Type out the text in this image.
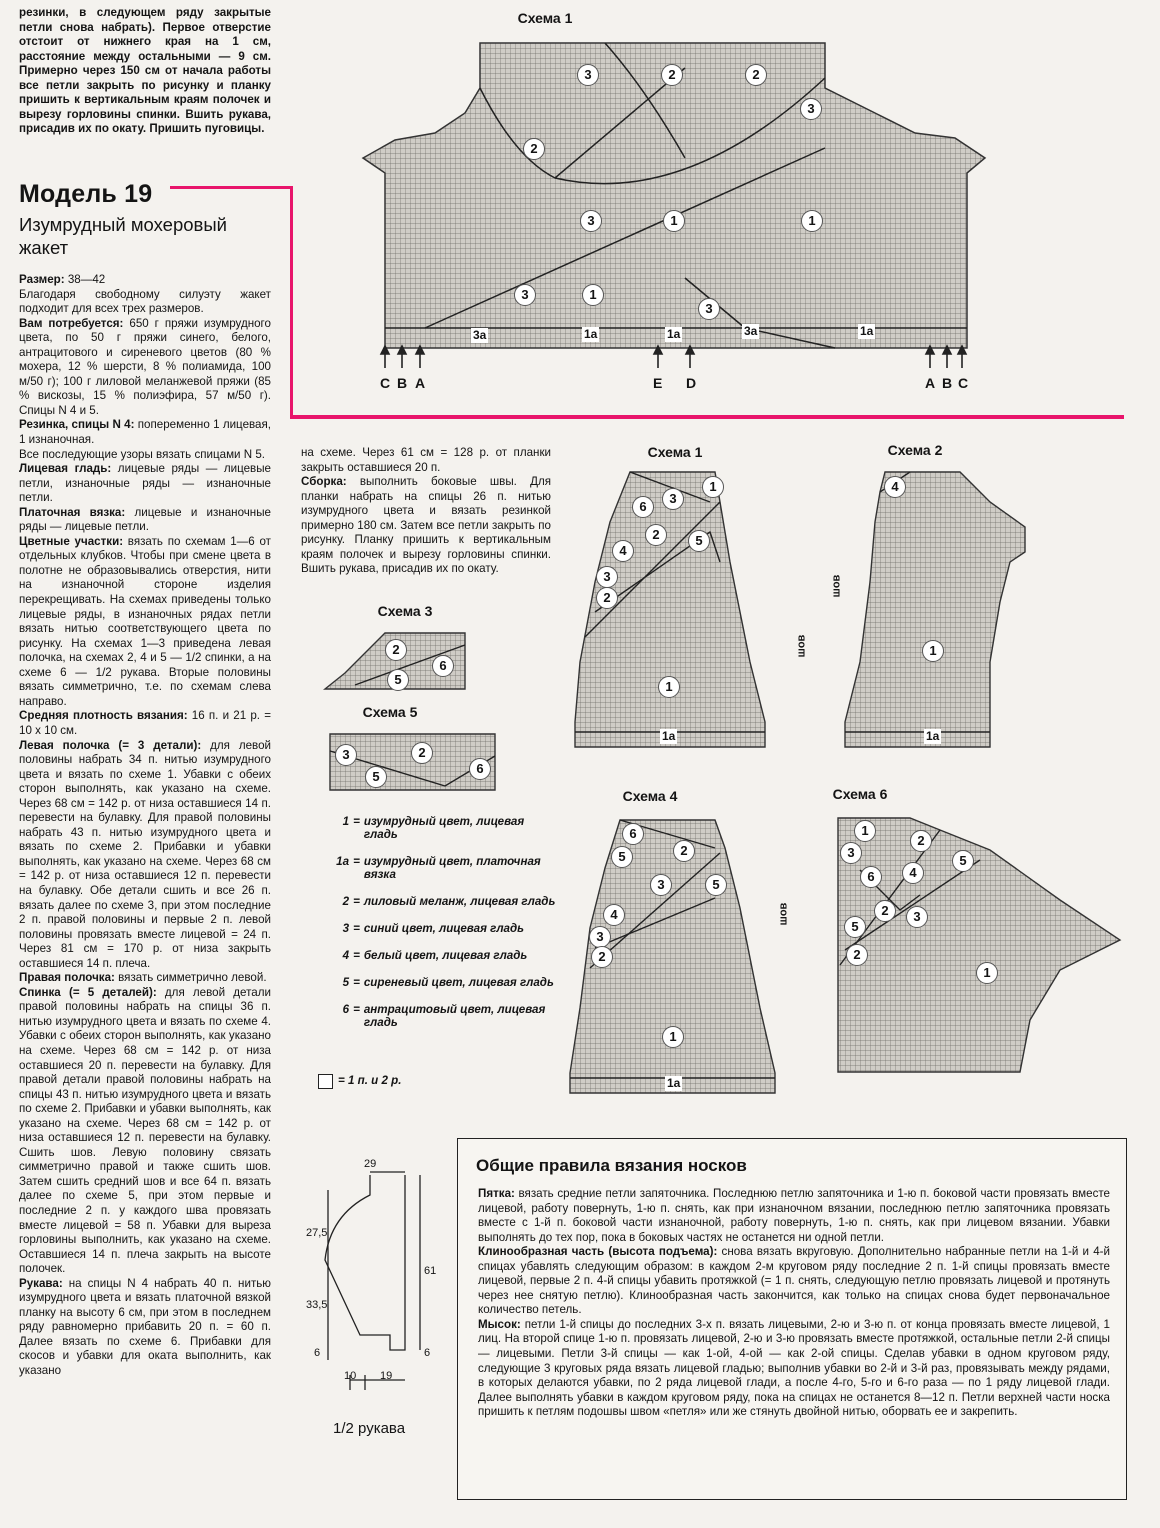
резинки, в следующем ряду закрытые петли снова набрать). Первое отверстие отстоит от нижнего края на 1 см, расстояние между остальными — 9 см. Примерно через 150 см от начала работы все петли закрыть по рисунку и планку пришить к вертикальным краям полочек и вырезу горловины спинки. Вшить рукава, присадив их по окату. Пришить пуговицы.
Модель 19
Изумрудный мохеровый жакет

Размер: 38—42

Благодаря свободному силуэту жакет подходит для всех трех размеров.

Вам потребуется: 650 г пряжи изумрудного цвета, по 50 г пряжи синего, белого, антрацитового и сиреневого цветов (80 % мохера, 12 % шерсти, 8 % полиамида, 100 м/50 г); 100 г лиловой меланжевой пряжи (85 % вискозы, 15 % полиэфира, 57 м/50 г). Спицы N 4 и 5.

Резинка, спицы N 4: попеременно 1 лицевая, 1 изнаночная.

Все последующие узоры вязать спицами N 5.

Лицевая гладь: лицевые ряды — лицевые петли, изнаночные ряды — изнаночные петли.

Платочная вязка: лицевые и изнаночные ряды — лицевые петли.

Цветные участки: вязать по схемам 1—6 от отдельных клубков. Чтобы при смене цвета в полотне не образовывались отверстия, нити на изнаночной стороне изделия перекрещивать. На схемах приведены только лицевые ряды, в изнаночных рядах петли вязать нитью соответствующего цвета по рисунку. На схемах 1—3 приведена левая полочка, на схемах 2, 4 и 5 — 1/2 спинки, а на схеме 6 — 1/2 рукава. Вторые половины вязать симметрично, т.е. по схемам слева направо.

Средняя плотность вязания: 16 п. и 21 р. = 10 х 10 см.

Левая полочка (= 3 детали): для левой половины набрать 34 п. нитью изумрудного цвета и вязать по схеме 1. Убавки с обеих сторон выполнять, как указано на схеме. Через 68 см = 142 р. от низа оставшиеся 14 п. перевести на булавку. Для правой половины набрать 43 п. нитью изумрудного цвета и вязать по схеме 2. Прибавки и убавки выполнять, как указано на схеме. Через 68 см = 142 р. от низа оставшиеся 12 п. перевести на булавку. Обе детали сшить и все 26 п. вязать далее по схеме 3, при этом последние 2 п. правой половины и первые 2 п. левой половины провязать вместе лицевой = 24 п. Через 81 см = 170 р. от низа закрыть оставшиеся 14 п. плеча.

Правая полочка: вязать симметрично левой.

Спинка (= 5 деталей): для левой детали правой половины набрать на спицы 36 п. нитью изумрудного цвета и вязать по схеме 4. Убавки с обеих сторон выполнять, как указано на схеме. Через 68 см = 142 р. от низа оставшиеся 20 п. перевести на булавку. Для правой детали правой половины набрать на спицы 43 п. нитью изумрудного цвета и вязать по схеме 2. Прибавки и убавки выполнять, как указано на схеме. Через 68 см = 142 р. от низа оставшиеся 12 п. перевести на булавку. Сшить шов. Левую половину связать симметрично правой и также сшить шов. Затем сшить средний шов и все 64 п. вязать далее по схеме 5, при этом первые и последние 2 п. у каждого шва провязать вместе лицевой = 58 п. Убавки для выреза горловины выполнить, как указано на схеме. Оставшиеся 14 п. плеча закрыть на высоте полочек.

Рукава: на спицы N 4 набрать 40 п. нитью изумрудного цвета и вязать платочной вязкой планку на высоту 6 см, при этом в последнем ряду равномерно прибавить 20 п. = 60 п. Далее вязать по схеме 6. Прибавки для скосов и убавки для оката выполнить, как указано

на схеме. Через 61 см = 128 р. от планки закрыть оставшиеся 20 п.

Сборка: выполнить боковые швы. Для планки набрать на спицы 26 п. нитью изумрудного цвета и вязать резинкой примерно 180 см. Затем все петли закрыть по рисунку. Планку пришить к вертикальным краям полочек и вырезу горловины спинки. Вшить рукава, присадив их по окату.

Схема 1
C B A	E D	A B C
3	2	2
3
2
3	1	1
3	1
3
3a	1a	1a	3a	1a
Схема 1
1
6
3
2	5
4
3
2
1
1a
шов
Схема 2
4
1
1a
шов
Схема 3
2
6
5
Схема 5
3	2
5
6
1 = изумрудный цвет, лицевая гладь
1a = изумрудный цвет, платочная вязка
2 = лиловый меланж, лицевая гладь
3 = синий цвет, лицевая гладь
4 = белый цвет, лицевая гладь
5 = сиреневый цвет, лицевая гладь
6 = антрацитовый цвет, лицевая гладь
= 1 п. и 2 р.
Схема 4
6
5	2
3	5
4
3
2
1
1a
шов
Схема 6
1
3
2
5
6	4
2	3
5
2
1
29
27,5
61
33,5
6	6
10 19
1/2 рукава
Общие правила вязания носков

Пятка: вязать средние петли запяточника. Последнюю петлю запяточника и 1-ю п. боковой части провязать вместе лицевой, работу повернуть, 1-ю п. снять, как при изнаночном вязании, последнюю петлю запяточника провязать вместе с 1-й п. боковой части изнаночной, работу повернуть, 1-ю п. снять, как при лицевом вязании. Убавки выполнять до тех пор, пока в боковых частях не останется ни одной петли.

Клинообразная часть (высота подъема): снова вязать вкруговую. Дополнительно набранные петли на 1-й и 4-й спицах убавлять следующим образом: в каждом 2-м круговом ряду последние 2 п. 1-й спицы провязать вместе лицевой, первые 2 п. 4-й спицы убавить протяжкой (= 1 п. снять, следующую петлю провязать лицевой и протянуть через нее снятую петлю). Клинообразная часть закончится, как только на спицах снова будет первоначальное количество петель.

Мысок: петли 1-й спицы до последних 3-х п. вязать лицевыми, 2-ю и 3-ю п. от конца провязать вместе лицевой, 1 лиц. На второй спице 1-ю п. провязать лицевой, 2-ю и 3-ю провязать вместе протяжкой, остальные петли 2-й спицы — лицевыми. Петли 3-й спицы — как 1-ой, 4-ой — как 2-ой спицы. Сделав убавки в одном круговом ряду, следующие 3 круговых ряда вязать лицевой гладью; выполнив убавки во 2-й и 3-й раз, провязывать между рядами, в которых делаются убавки, по 2 ряда лицевой глади, а после 4-го, 5-го и 6-го раза — по 1 ряду лицевой глади. Далее выполнять убавки в каждом круговом ряду, пока на спицах не останется 8—12 п. Петли верхней части носка пришить к петлям подошвы швом «петля» или же стянуть двойной нитью, оборвать ее и закрепить.
